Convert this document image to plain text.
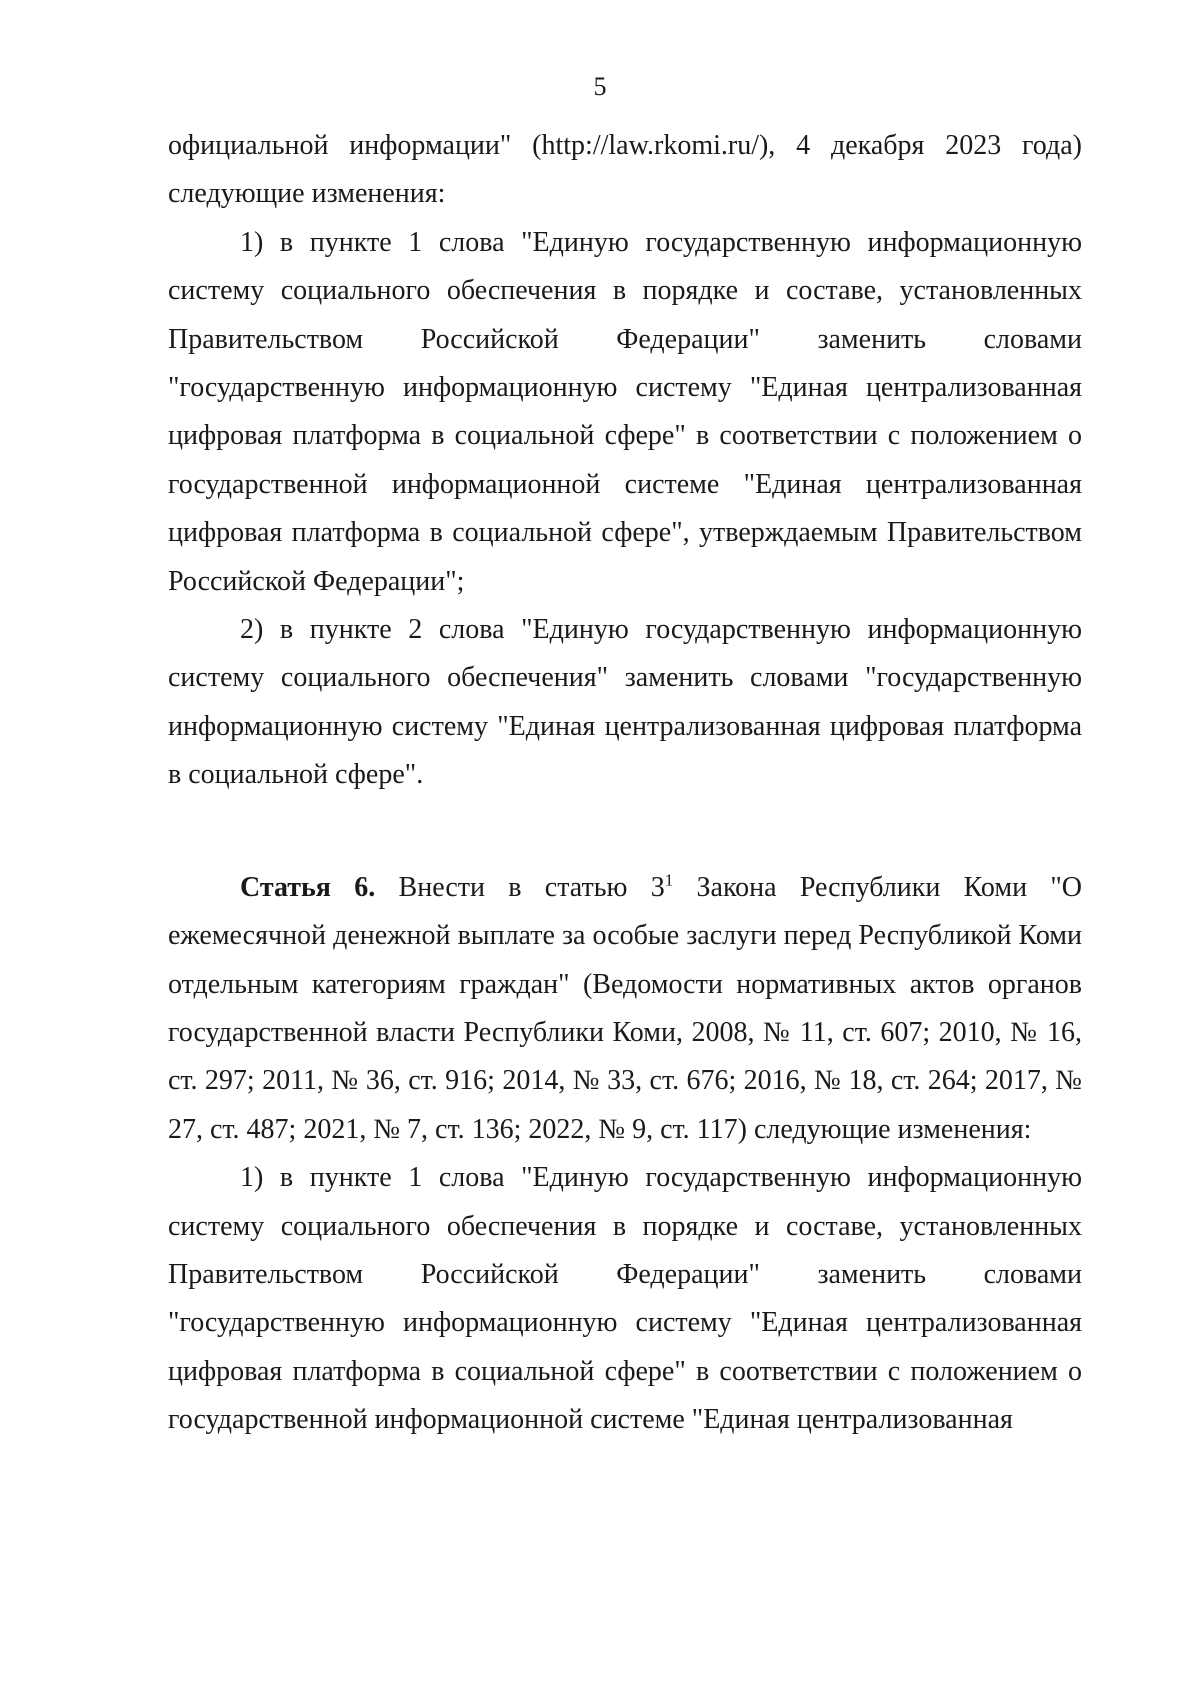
5

официальной информации" (http://law.rkomi.ru/), 4 декабря 2023 года) следующие изменения:

1) в пункте 1 слова "Единую государственную информационную систему социального обеспечения в порядке и составе, установленных Правительством Российской Федерации" заменить словами "государственную информационную систему "Единая централизованная цифровая платформа в социальной сфере" в соответствии с положением о государственной информационной системе "Единая централизованная цифровая платформа в социальной сфере", утверждаемым Правительством Российской Федерации";

2) в пункте 2 слова "Единую государственную информационную систему социального обеспечения" заменить словами "государственную информационную систему "Единая централизованная цифровая платформа в социальной сфере".

Статья 6. Внести в статью $3^1$ Закона Республики Коми "О ежемесячной денежной выплате за особые заслуги перед Республикой Коми отдельным категориям граждан" (Ведомости нормативных актов органов государственной власти Республики Коми, 2008, № 11, ст. 607; 2010, № 16, ст. 297; 2011, № 36, ст. 916; 2014, № 33, ст. 676; 2016, № 18, ст. 264; 2017, № 27, ст. 487; 2021, № 7, ст. 136; 2022, № 9, ст. 117) следующие изменения:

1) в пункте 1 слова "Единую государственную информационную систему социального обеспечения в порядке и составе, установленных Правительством Российской Федерации" заменить словами "государственную информационную систему "Единая централизованная цифровая платформа в социальной сфере" в соответствии с положением о государственной информационной системе "Единая централизованная
